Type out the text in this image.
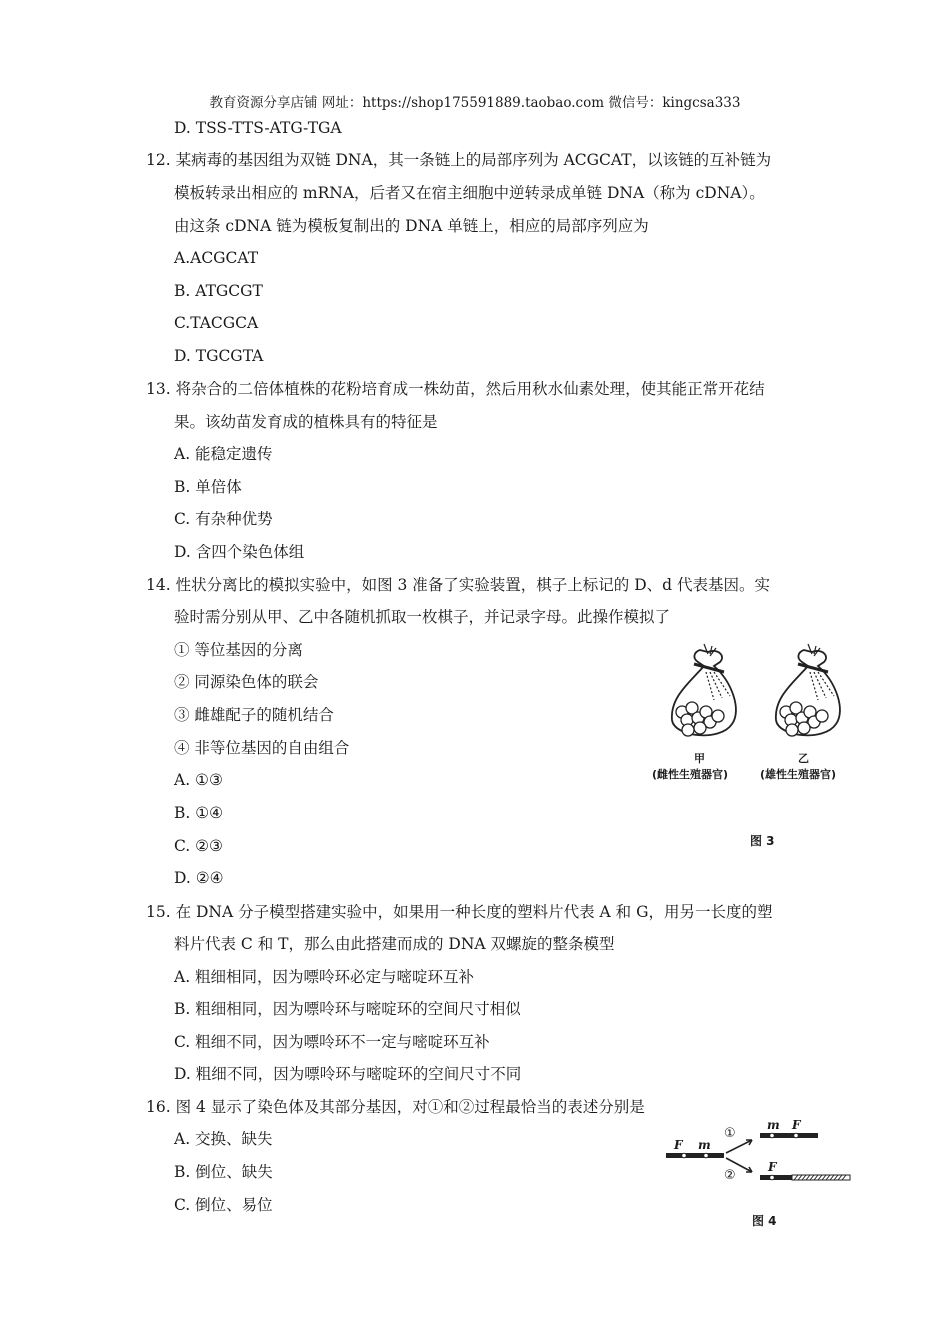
教育资源分享店铺 网址：https://shop175591889.taobao.com 微信号：kingcsa333
D. TSS-TTS-ATG-TGA
12. 某病毒的基因组为双链 DNA，其一条链上的局部序列为 ACGCAT，以该链的互补链为
模板转录出相应的 mRNA，后者又在宿主细胞中逆转录成单链 DNA（称为 cDNA）。
由这条 cDNA 链为模板复制出的 DNA 单链上，相应的局部序列应为
A.ACGCAT
B. ATGCGT
C.TACGCA
D. TGCGTA
13. 将杂合的二倍体植株的花粉培育成一株幼苗，然后用秋水仙素处理，使其能正常开花结
果。该幼苗发育成的植株具有的特征是
A. 能稳定遗传
B. 单倍体
C. 有杂种优势
D. 含四个染色体组
14. 性状分离比的模拟实验中，如图 3 准备了实验装置，棋子上标记的 D、d 代表基因。实
验时需分别从甲、乙中各随机抓取一枚棋子，并记录字母。此操作模拟了
① 等位基因的分离
② 同源染色体的联会
③ 雌雄配子的随机结合
④ 非等位基因的自由组合
A. ①③
B. ①④
C. ②③
D. ②④
甲
(雌性生殖器官)
乙
(雄性生殖器官)
图 3
15. 在 DNA 分子模型搭建实验中，如果用一种长度的塑料片代表 A 和 G，用另一长度的塑
料片代表 C 和 T，那么由此搭建而成的 DNA 双螺旋的整条模型
A. 粗细相同，因为嘌呤环必定与嘧啶环互补
B. 粗细相同，因为嘌呤环与嘧啶环的空间尺寸相似
C. 粗细不同，因为嘌呤环不一定与嘧啶环互补
D. 粗细不同，因为嘌呤环与嘧啶环的空间尺寸不同
16. 图 4 显示了染色体及其部分基因，对①和②过程最恰当的表述分别是
A. 交换、缺失
B. 倒位、缺失
C. 倒位、易位
F m
①
②
m F
F
图 4
